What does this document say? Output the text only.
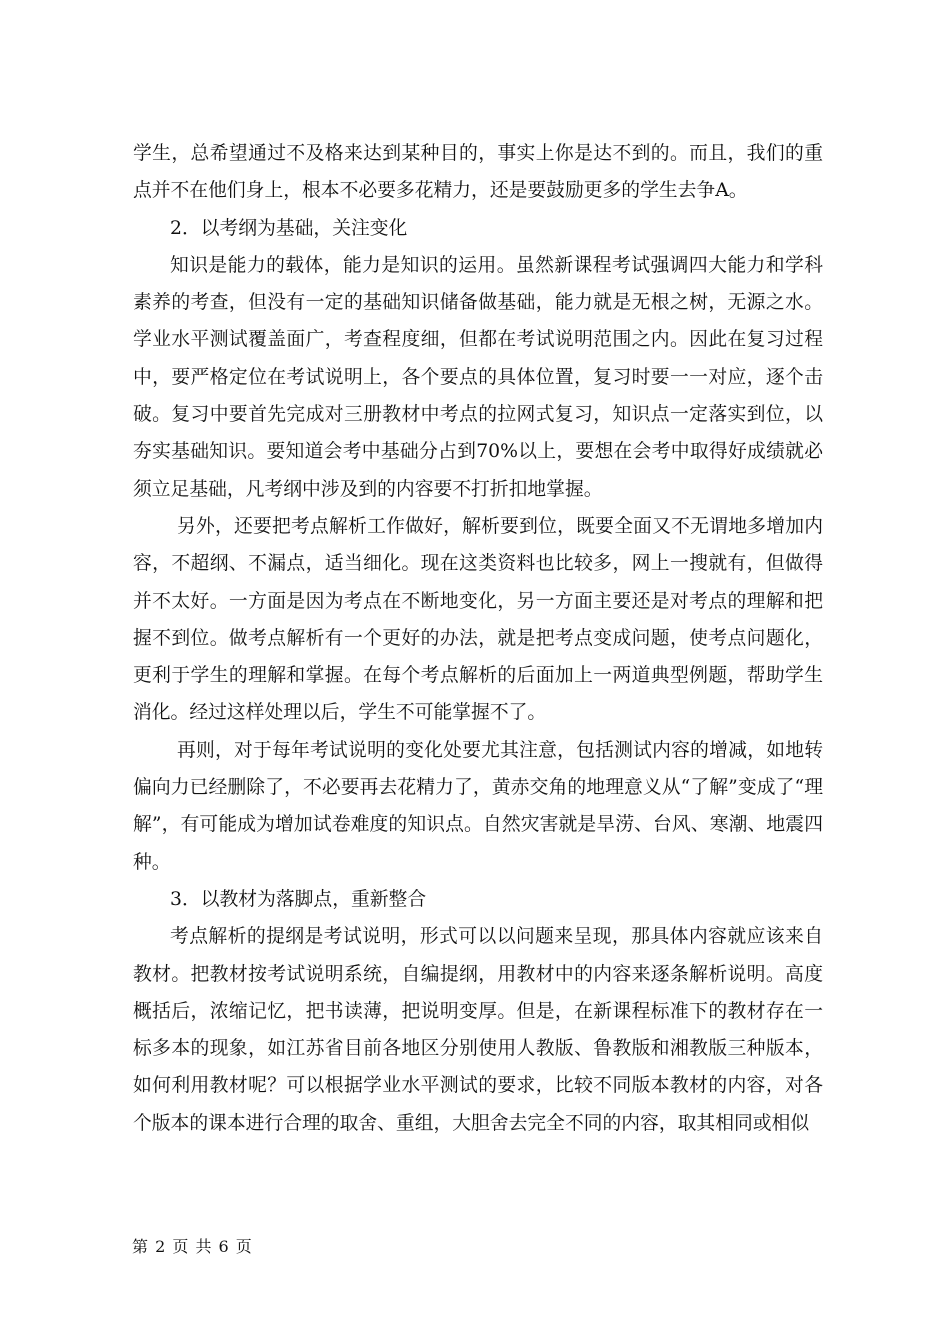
学生，总希望通过不及格来达到某种目的，事实上你是达不到的。而且，我们的重点并不在他们身上，根本不必要多花精力，还是要鼓励更多的学生去争A。

2．以考纲为基础，关注变化

知识是能力的载体，能力是知识的运用。虽然新课程考试强调四大能力和学科素养的考查，但没有一定的基础知识储备做基础，能力就是无根之树，无源之水。学业水平测试覆盖面广，考查程度细，但都在考试说明范围之内。因此在复习过程中，要严格定位在考试说明上，各个要点的具体位置，复习时要一一对应，逐个击破。复习中要首先完成对三册教材中考点的拉网式复习，知识点一定落实到位，以夯实基础知识。要知道会考中基础分占到70%以上，要想在会考中取得好成绩就必须立足基础，凡考纲中涉及到的内容要不打折扣地掌握。

另外，还要把考点解析工作做好，解析要到位，既要全面又不无谓地多增加内容，不超纲、不漏点，适当细化。现在这类资料也比较多，网上一搜就有，但做得并不太好。一方面是因为考点在不断地变化，另一方面主要还是对考点的理解和把握不到位。做考点解析有一个更好的办法，就是把考点变成问题，使考点问题化，更利于学生的理解和掌握。在每个考点解析的后面加上一两道典型例题，帮助学生消化。经过这样处理以后，学生不可能掌握不了。

再则，对于每年考试说明的变化处要尤其注意，包括测试内容的增减，如地转偏向力已经删除了，不必要再去花精力了，黄赤交角的地理意义从“了解”变成了“理解”，有可能成为增加试卷难度的知识点。自然灾害就是旱涝、台风、寒潮、地震四种。

3．以教材为落脚点，重新整合

考点解析的提纲是考试说明，形式可以以问题来呈现，那具体内容就应该来自教材。把教材按考试说明系统，自编提纲，用教材中的内容来逐条解析说明。高度概括后，浓缩记忆，把书读薄，把说明变厚。但是，在新课程标准下的教材存在一标多本的现象，如江苏省目前各地区分别使用人教版、鲁教版和湘教版三种版本，如何利用教材呢？可以根据学业水平测试的要求，比较不同版本教材的内容，对各个版本的课本进行合理的取舍、重组，大胆舍去完全不同的内容，取其相同或相似

第 2 页 共 6 页
